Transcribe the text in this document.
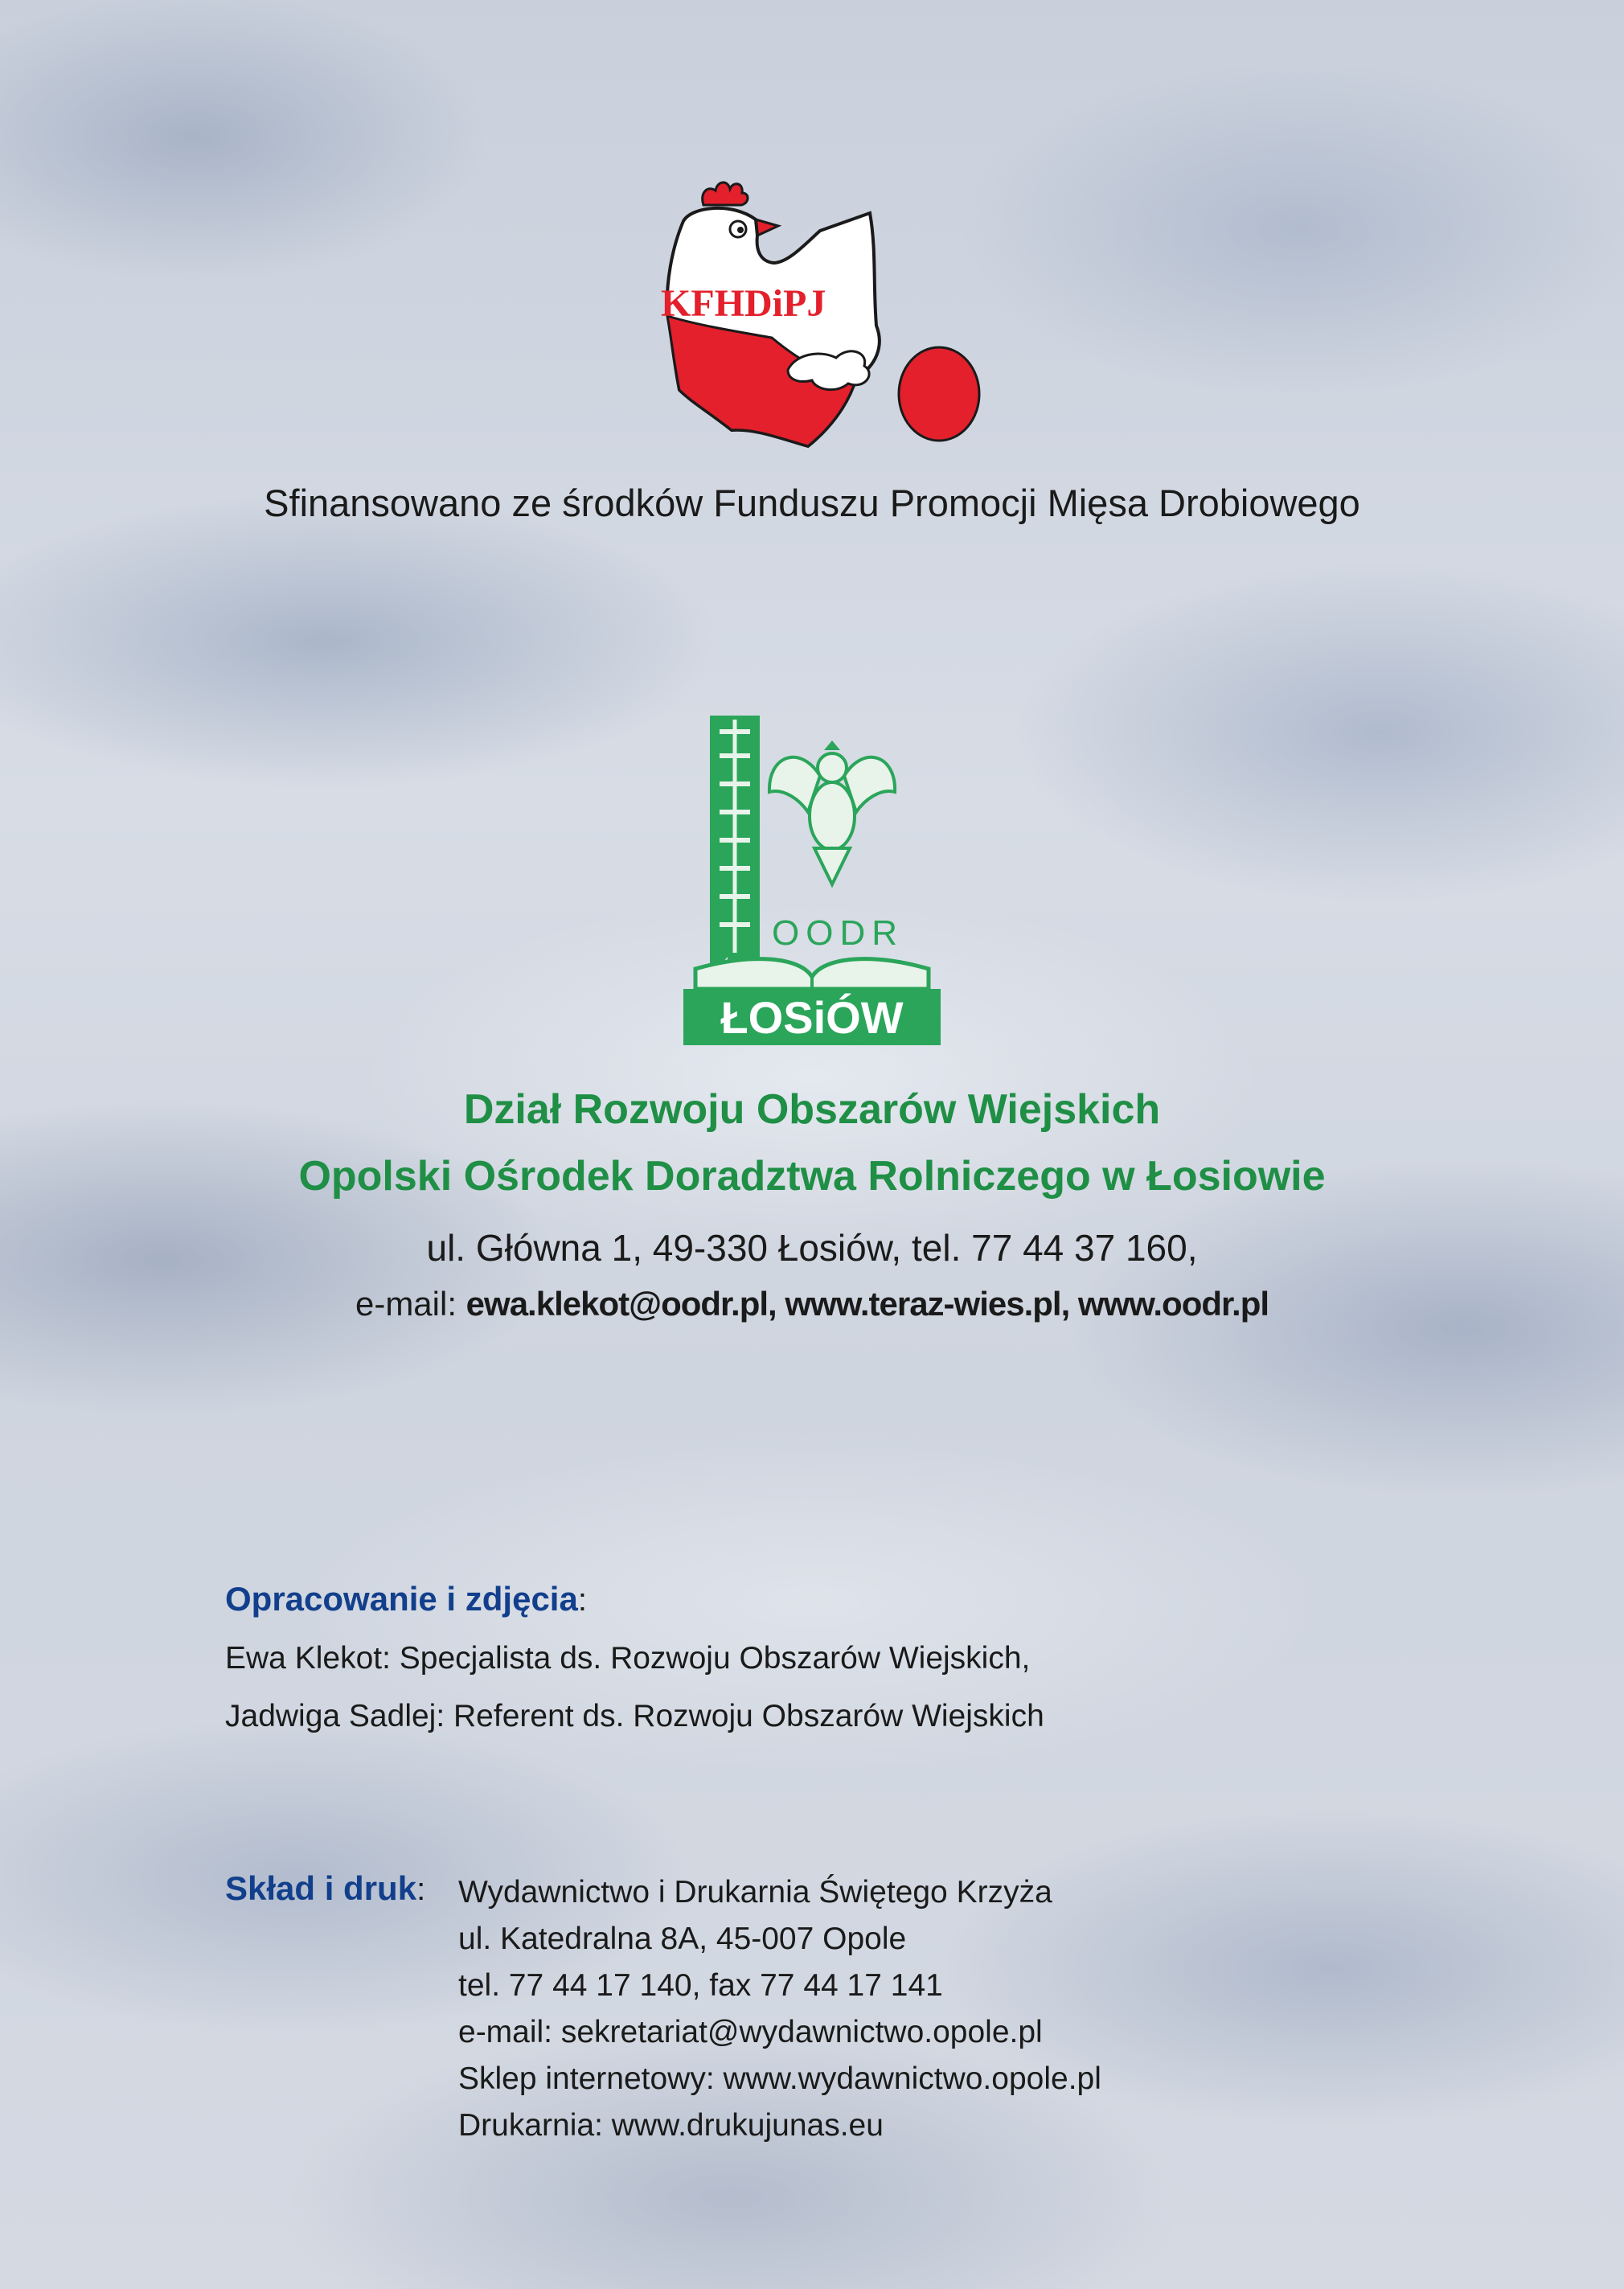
KFHDiPJ
Sfinansowano ze środków Funduszu Promocji Mięsa Drobiowego
OODR
ŁOSiÓW
Dział Rozwoju Obszarów Wiejskich
Opolski Ośrodek Doradztwa Rolniczego w Łosiowie
ul. Główna 1, 49-330 Łosiów, tel. 77 44 37 160,
e-mail: ewa.klekot@oodr.pl, www.teraz-wies.pl, www.oodr.pl
Opracowanie i zdjęcia:
Ewa Klekot: Specjalista ds. Rozwoju Obszarów Wiejskich,
Jadwiga Sadlej: Referent ds. Rozwoju Obszarów Wiejskich
Skład i druk: Wydawnictwo i Drukarnia Świętego Krzyża
ul. Katedralna 8A, 45-007 Opole
tel. 77 44 17 140, fax 77 44 17 141
e-mail: sekretariat@wydawnictwo.opole.pl
Sklep internetowy: www.wydawnictwo.opole.pl
Drukarnia: www.drukujunas.eu
